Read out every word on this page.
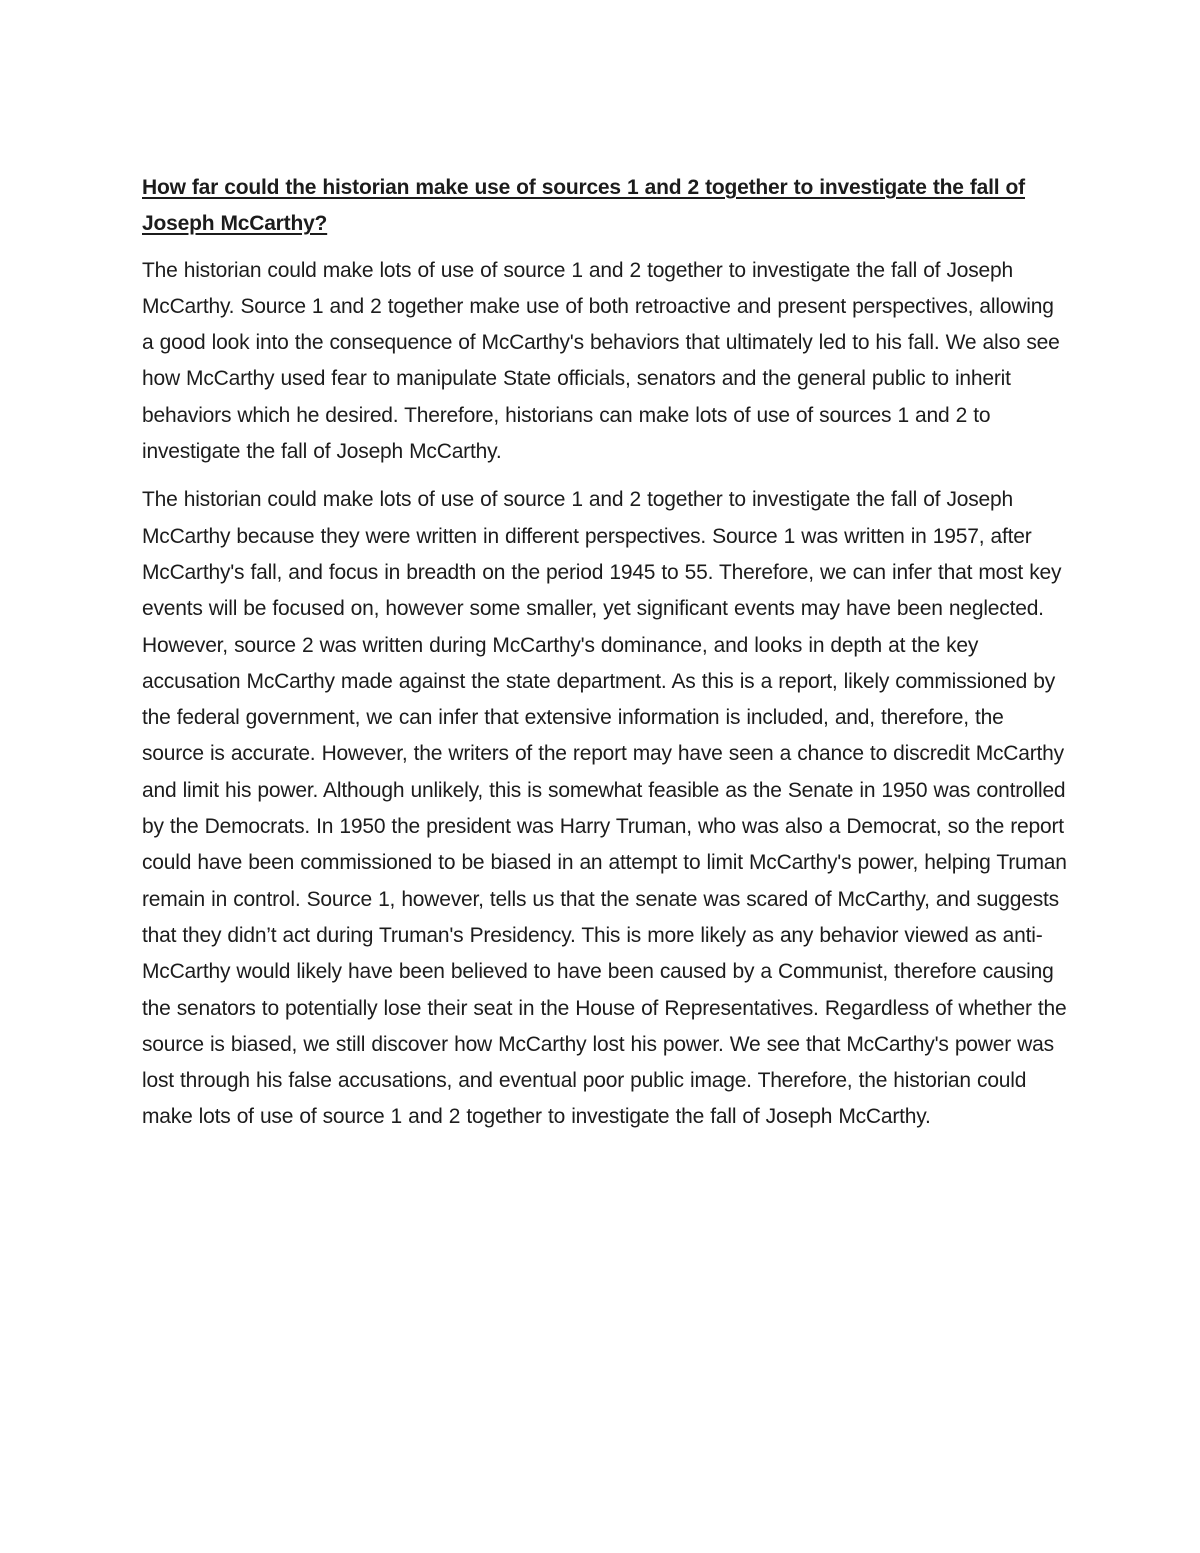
How far could the historian make use of sources 1 and 2 together to investigate the fall of Joseph McCarthy?

The historian could make lots of use of source 1 and 2 together to investigate the fall of Joseph McCarthy. Source 1 and 2 together make use of both retroactive and present perspectives, allowing a good look into the consequence of McCarthy's behaviors that ultimately led to his fall. We also see how McCarthy used fear to manipulate State officials, senators and the general public to inherit behaviors which he desired. Therefore, historians can make lots of use of sources 1 and 2 to investigate the fall of Joseph McCarthy.

The historian could make lots of use of source 1 and 2 together to investigate the fall of Joseph McCarthy because they were written in different perspectives. Source 1 was written in 1957, after McCarthy's fall, and focus in breadth on the period 1945 to 55. Therefore, we can infer that most key events will be focused on, however some smaller, yet significant events may have been neglected. However, source 2 was written during McCarthy's dominance, and looks in depth at the key accusation McCarthy made against the state department. As this is a report, likely commissioned by the federal government, we can infer that extensive information is included, and, therefore, the source is accurate. However, the writers of the report may have seen a chance to discredit McCarthy and limit his power. Although unlikely, this is somewhat feasible as the Senate in 1950 was controlled by the Democrats. In 1950 the president was Harry Truman, who was also a Democrat, so the report could have been commissioned to be biased in an attempt to limit McCarthy's power, helping Truman remain in control. Source 1, however, tells us that the senate was scared of McCarthy, and suggests that they didn’t act during Truman's Presidency. This is more likely as any behavior viewed as anti-McCarthy would likely have been believed to have been caused by a Communist, therefore causing the senators to potentially lose their seat in the House of Representatives. Regardless of whether the source is biased, we still discover how McCarthy lost his power. We see that McCarthy's power was lost through his false accusations, and eventual poor public image. Therefore, the historian could make lots of use of source 1 and 2 together to investigate the fall of Joseph McCarthy.
